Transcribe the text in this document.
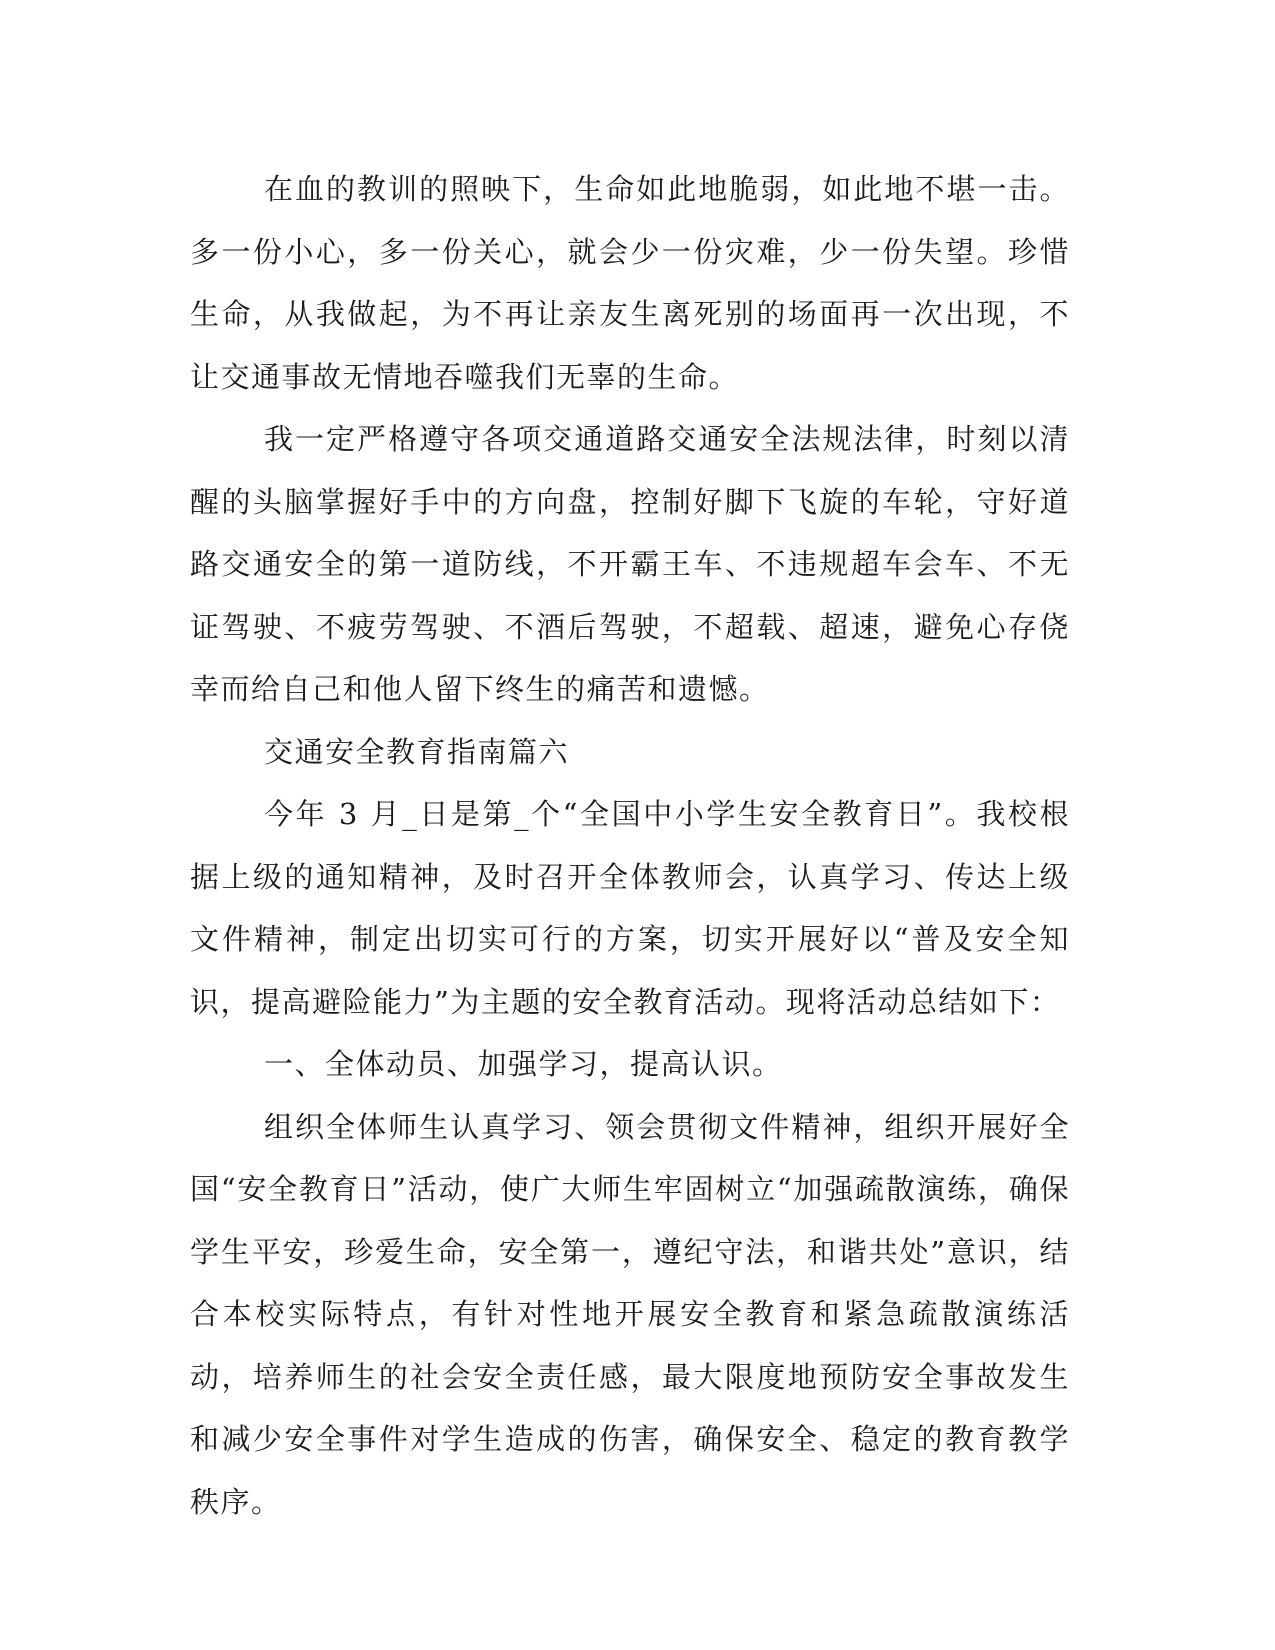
在血的教训的照映下，生命如此地脆弱，如此地不堪一击。多一份小心，多一份关心，就会少一份灾难，少一份失望。珍惜生命，从我做起，为不再让亲友生离死别的场面再一次出现，不让交通事故无情地吞噬我们无辜的生命。

我一定严格遵守各项交通道路交通安全法规法律，时刻以清醒的头脑掌握好手中的方向盘，控制好脚下飞旋的车轮，守好道路交通安全的第一道防线，不开霸王车、不违规超车会车、不无证驾驶、不疲劳驾驶、不酒后驾驶，不超载、超速，避免心存侥幸而给自己和他人留下终生的痛苦和遗憾。

交通安全教育指南篇六

今年 3 月_日是第_个“全国中小学生安全教育日”。我校根据上级的通知精神，及时召开全体教师会，认真学习、传达上级文件精神，制定出切实可行的方案，切实开展好以“普及安全知识，提高避险能力”为主题的安全教育活动。现将活动总结如下：

一、全体动员、加强学习，提高认识。

组织全体师生认真学习、领会贯彻文件精神，组织开展好全国“安全教育日”活动，使广大师生牢固树立“加强疏散演练，确保学生平安，珍爱生命，安全第一，遵纪守法，和谐共处”意识，结合本校实际特点，有针对性地开展安全教育和紧急疏散演练活动，培养师生的社会安全责任感，最大限度地预防安全事故发生和减少安全事件对学生造成的伤害，确保安全、稳定的教育教学秩序。
